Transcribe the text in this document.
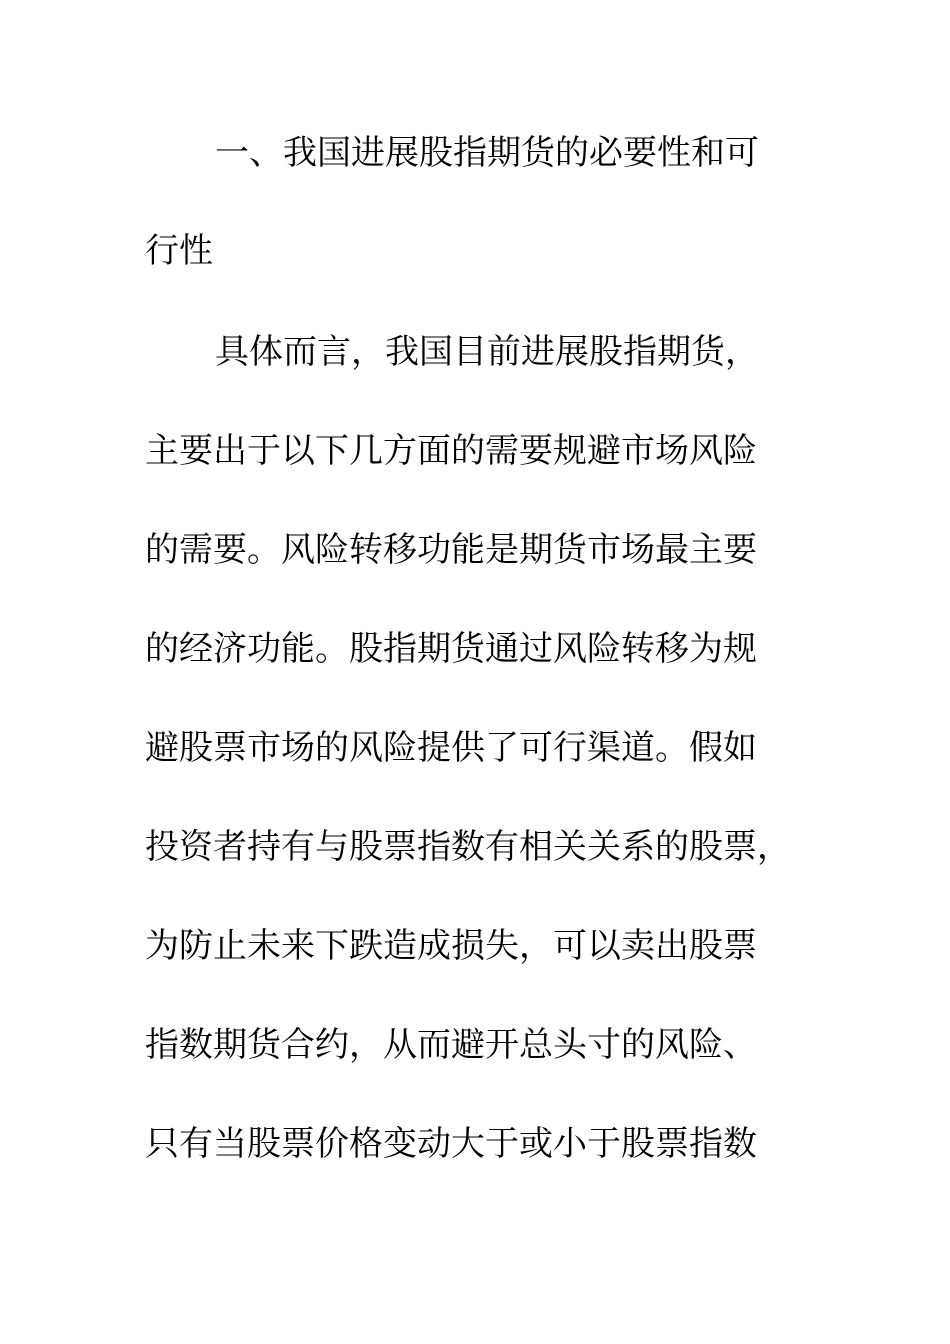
一、我国进展股指期货的必要性和可
行性
具体而言，我国目前进展股指期货，
主要出于以下几方面的需要规避市场风险
的需要。风险转移功能是期货市场最主要
的经济功能。股指期货通过风险转移为规
避股票市场的风险提供了可行渠道。假如
投资者持有与股票指数有相关关系的股票，
为防止未来下跌造成损失，可以卖出股票
指数期货合约，从而避开总头寸的风险、
只有当股票价格变动大于或小于股票指数
